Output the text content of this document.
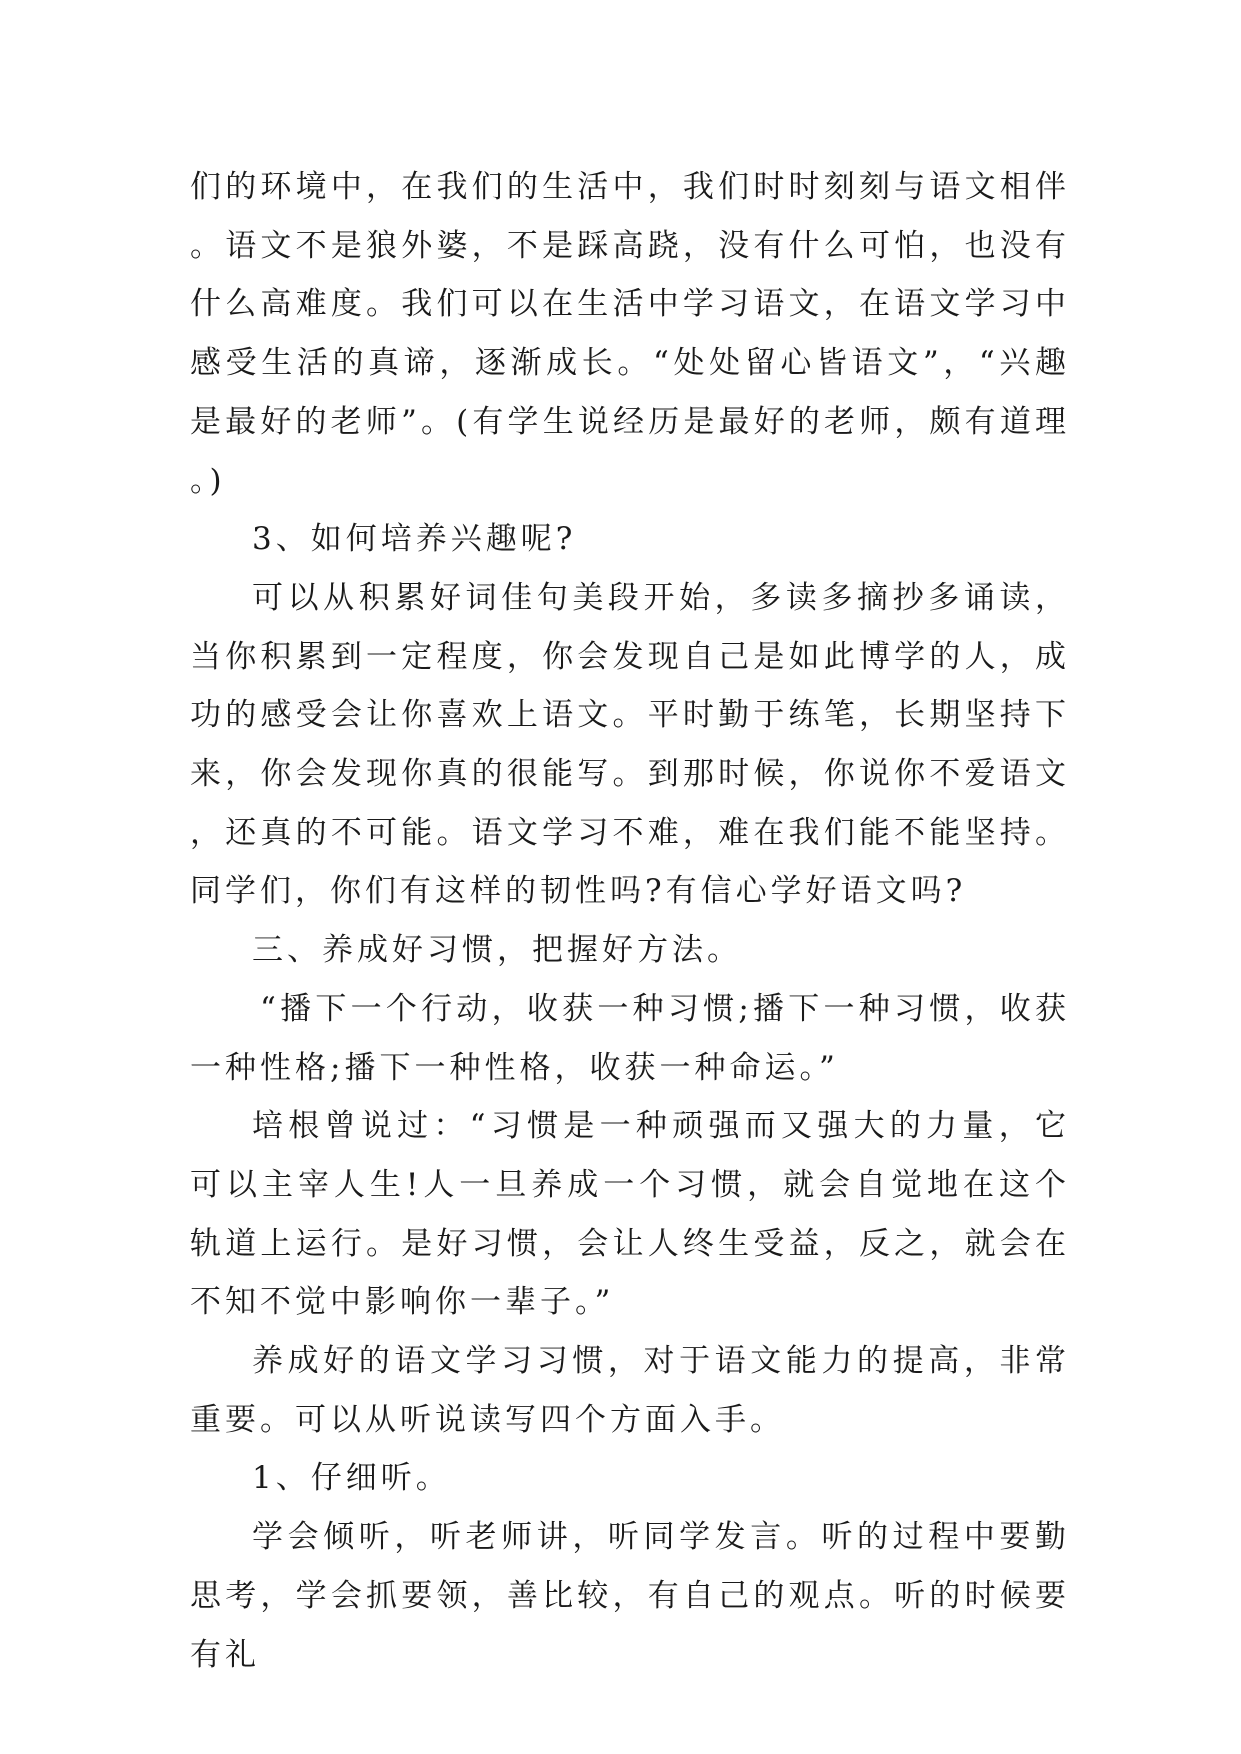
们的环境中，在我们的生活中，我们时时刻刻与语文相伴。语文不是狼外婆，不是踩高跷，没有什么可怕，也没有什么高难度。我们可以在生活中学习语文，在语文学习中感受生活的真谛，逐渐成长。“处处留心皆语文”，“兴趣是最好的老师”。(有学生说经历是最好的老师，颇有道理。)

3、如何培养兴趣呢?

可以从积累好词佳句美段开始，多读多摘抄多诵读，当你积累到一定程度，你会发现自己是如此博学的人，成功的感受会让你喜欢上语文。平时勤于练笔，长期坚持下来，你会发现你真的很能写。到那时候，你说你不爱语文，还真的不可能。语文学习不难，难在我们能不能坚持。同学们，你们有这样的韧性吗?有信心学好语文吗?

三、养成好习惯，把握好方法。

“播下一个行动，收获一种习惯;播下一种习惯，收获一种性格;播下一种性格，收获一种命运。”

培根曾说过：“习惯是一种顽强而又强大的力量，它可以主宰人生!人一旦养成一个习惯，就会自觉地在这个轨道上运行。是好习惯，会让人终生受益，反之，就会在不知不觉中影响你一辈子。”

养成好的语文学习习惯，对于语文能力的提高，非常重要。可以从听说读写四个方面入手。

1、仔细听。

学会倾听，听老师讲，听同学发言。听的过程中要勤思考，学会抓要领，善比较，有自己的观点。听的时候要有礼
